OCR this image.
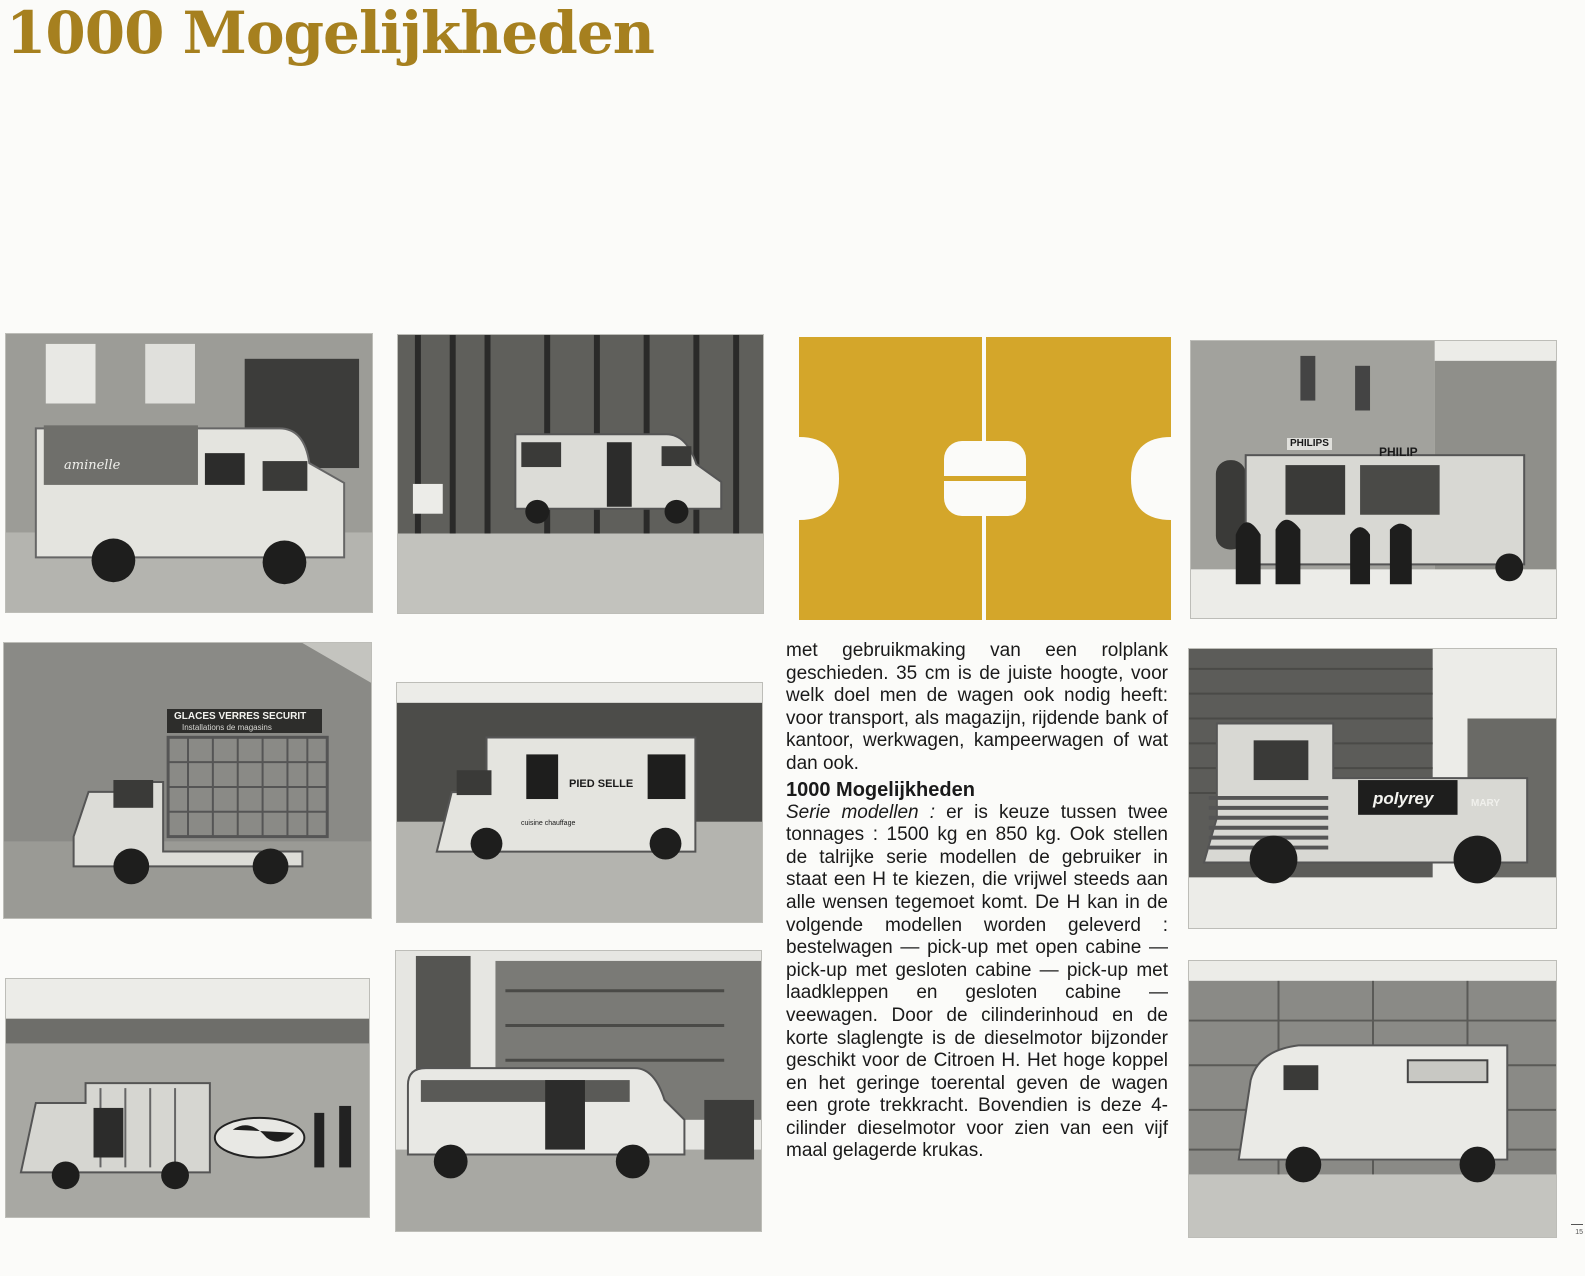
1000 Mogelijkheden
aminelle
GLACES VERRES SECURIT
Installations de magasins
PIED SELLE
cuisine chauffage

met gebruikmaking van een rolplank geschieden. 35 cm is de juiste hoogte, voor welk doel men de wagen ook nodig heeft: voor transport, als magazijn, rijdende bank of kantoor, werkwagen, kampeerwagen of wat dan ook.
1000 Mogelijkheden
Serie modellen : er is keuze tussen twee tonnages : 1500 kg en 850 kg. Ook stellen de talrijke serie modellen de gebruiker in staat een H te kiezen, die vrijwel steeds aan alle wensen tegemoet komt. De H kan in de volgende modellen worden geleverd : bestelwagen — pick-up met open cabine — pick-up met gesloten cabine — pick-up met laadkleppen en gesloten cabine — veewagen. Door de cilinderinhoud en de korte slaglengte is de dieselmotor bijzonder geschikt voor de Citroen H. Het hoge koppel en het geringe toerental geven de wagen een grote trekkracht. Bovendien is deze 4-cilinder dieselmotor voor zien van een vijf maal gelagerde krukas.

PHILIPS
PHILIP
polyrey	MARY
15
